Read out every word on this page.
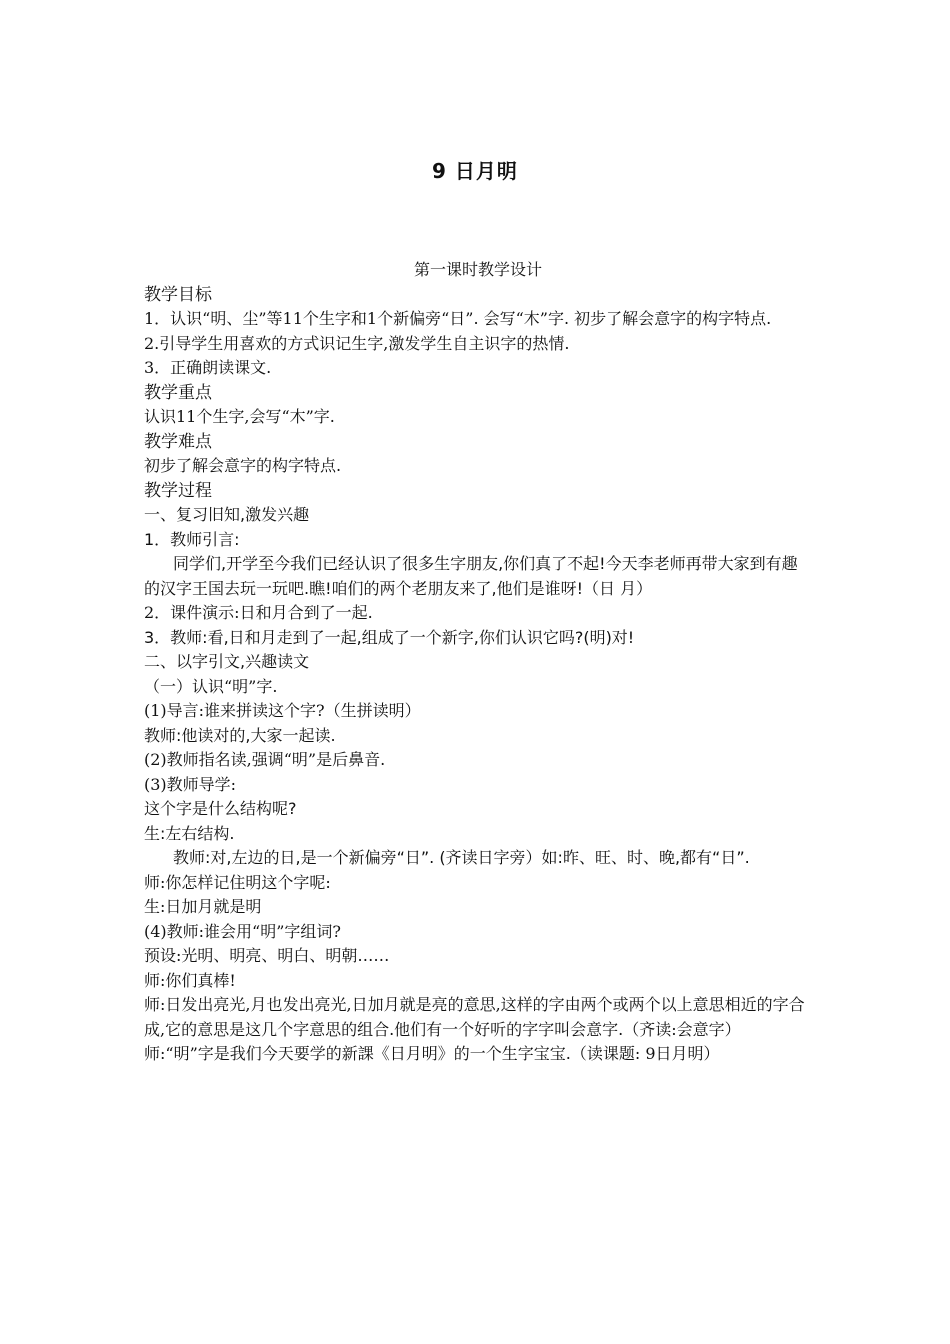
9 日月明

第一课时教学设计

教学目标

1．认识“明、尘”等11个生字和1个新偏旁“日”. 会写“木”字. 初步了解会意字的构字特点.

2.引导学生用喜欢的方式识记生字,激发学生自主识字的热情.

3．正确朗读课文.

教学重点

认识11个生字,会写“木”字.

教学难点

初步了解会意字的构字特点.

教学过程

一、复习旧知,激发兴趣

1．教师引言:

同学们,开学至今我们已经认识了很多生字朋友,你们真了不起!今天李老师再带大家到有趣的汉字王国去玩一玩吧.瞧!咱们的两个老朋友来了,他们是谁呀!（日 月）

2．课件演示:日和月合到了一起.

3．教师:看,日和月走到了一起,组成了一个新字,你们认识它吗?(明)对!

二、以字引文,兴趣读文

（一）认识“明”字.

(1)导言:谁来拼读这个字?（生拼读明）

教师:他读对的,大家一起读.

(2)教师指名读,强调“明”是后鼻音.

(3)教师导学:

这个字是什么结构呢?

生:左右结构.

教师:对,左边的日,是一个新偏旁“日”. (齐读日字旁）如:昨、旺、时、晚,都有“日”.

师:你怎样记住明这个字呢:

生:日加月就是明

(4)教师:谁会用“明”字组词?

预设:光明、明亮、明白、明朝……

师:你们真棒!

师:日发出亮光,月也发出亮光,日加月就是亮的意思,这样的字由两个或两个以上意思相近的字合成,它的意思是这几个字意思的组合.他们有一个好听的字字叫会意字.（齐读:会意字）

师:“明”字是我们今天要学的新課《日月明》的一个生字宝宝.（读课题: 9日月明）
